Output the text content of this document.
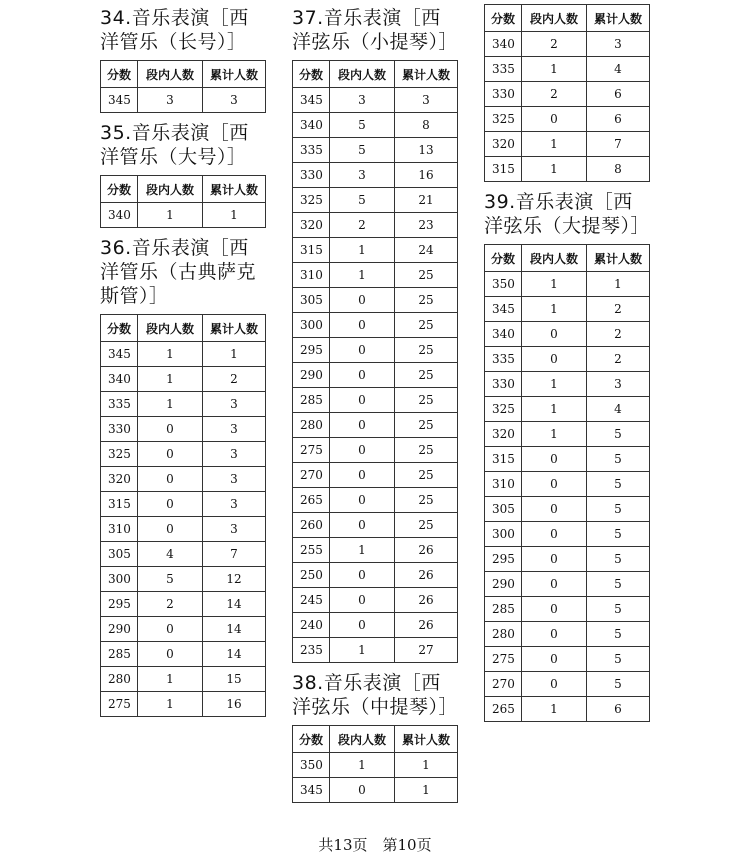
34.音乐表演［西洋管乐（长号）］
分数	段内人数	累计人数
345	3	3
35.音乐表演［西洋管乐（大号）］
分数	段内人数	累计人数
340	1	1
36.音乐表演［西洋管乐（古典萨克斯管）］
分数	段内人数	累计人数
345	1	1
340	1	2
335	1	3
330	0	3
325	0	3
320	0	3
315	0	3
310	0	3
305	4	7
300	5	12
295	2	14
290	0	14
285	0	14
280	1	15
275	1	16
37.音乐表演［西洋弦乐（小提琴）］
分数	段内人数	累计人数
345	3	3
340	5	8
335	5	13
330	3	16
325	5	21
320	2	23
315	1	24
310	1	25
305	0	25
300	0	25
295	0	25
290	0	25
285	0	25
280	0	25
275	0	25
270	0	25
265	0	25
260	0	25
255	1	26
250	0	26
245	0	26
240	0	26
235	1	27
38.音乐表演［西洋弦乐（中提琴）］
分数	段内人数	累计人数
350	1	1
345	0	1
分数	段内人数	累计人数
340	2	3
335	1	4
330	2	6
325	0	6
320	1	7
315	1	8
39.音乐表演［西洋弦乐（大提琴）］
分数	段内人数	累计人数
350	1	1
345	1	2
340	0	2
335	0	2
330	1	3
325	1	4
320	1	5
315	0	5
310	0	5
305	0	5
300	0	5
295	0	5
290	0	5
285	0	5
280	0	5
275	0	5
270	0	5
265	1	6
共13页　第10页
